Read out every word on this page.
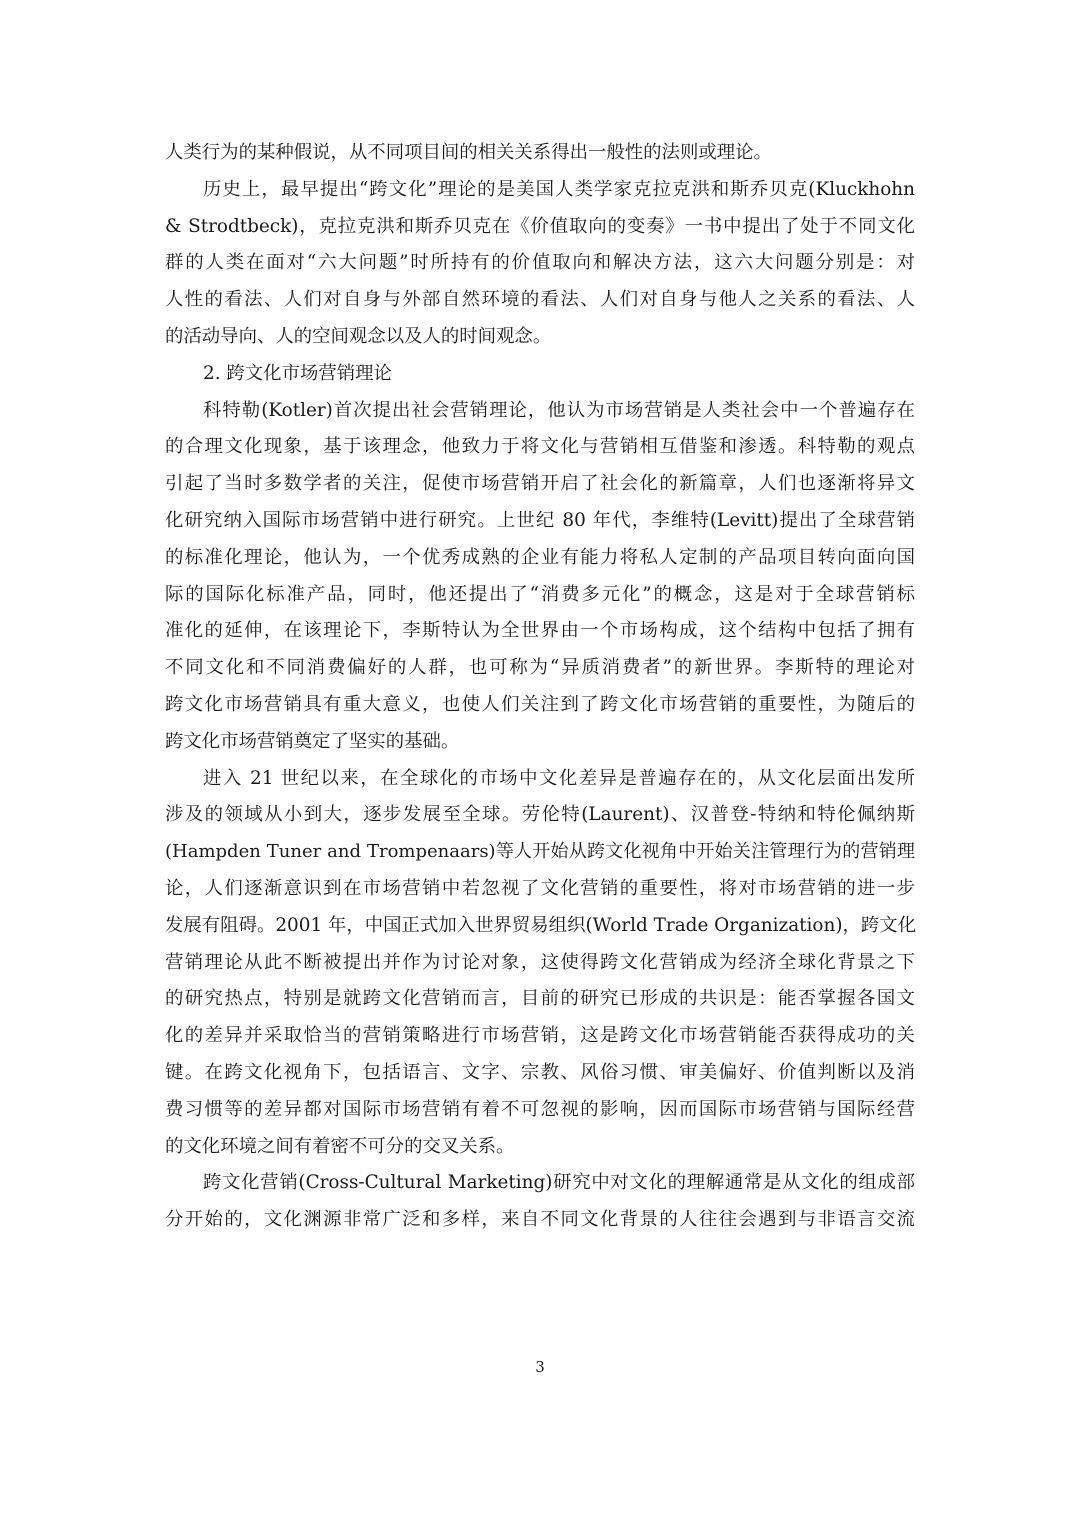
人类行为的某种假说，从不同项目间的相关关系得出一般性的法则或理论。
历史上，最早提出“跨文化”理论的是美国人类学家克拉克洪和斯乔贝克(Kluckhohn
& Strodtbeck)，克拉克洪和斯乔贝克在《价值取向的变奏》一书中提出了处于不同文化
群的人类在面对“六大问题”时所持有的价值取向和解决方法，这六大问题分别是：对
人性的看法、人们对自身与外部自然环境的看法、人们对自身与他人之关系的看法、人
的活动导向、人的空间观念以及人的时间观念。
2. 跨文化市场营销理论
科特勒(Kotler)首次提出社会营销理论，他认为市场营销是人类社会中一个普遍存在
的合理文化现象，基于该理念，他致力于将文化与营销相互借鉴和渗透。科特勒的观点
引起了当时多数学者的关注，促使市场营销开启了社会化的新篇章，人们也逐渐将异文
化研究纳入国际市场营销中进行研究。上世纪 80 年代，李维特(Levitt)提出了全球营销
的标准化理论，他认为，一个优秀成熟的企业有能力将私人定制的产品项目转向面向国
际的国际化标准产品，同时，他还提出了“消费多元化”的概念，这是对于全球营销标
准化的延伸，在该理论下，李斯特认为全世界由一个市场构成，这个结构中包括了拥有
不同文化和不同消费偏好的人群，也可称为“异质消费者”的新世界。李斯特的理论对
跨文化市场营销具有重大意义，也使人们关注到了跨文化市场营销的重要性，为随后的
跨文化市场营销奠定了坚实的基础。
进入 21 世纪以来，在全球化的市场中文化差异是普遍存在的，从文化层面出发所
涉及的领域从小到大，逐步发展至全球。劳伦特(Laurent)、汉普登-特纳和特伦佩纳斯
(Hampden Tuner and Trompenaars)等人开始从跨文化视角中开始关注管理行为的营销理
论，人们逐渐意识到在市场营销中若忽视了文化营销的重要性，将对市场营销的进一步
发展有阻碍。2001 年，中国正式加入世界贸易组织(World Trade Organization)，跨文化
营销理论从此不断被提出并作为讨论对象，这使得跨文化营销成为经济全球化背景之下
的研究热点，特别是就跨文化营销而言，目前的研究已形成的共识是：能否掌握各国文
化的差异并采取恰当的营销策略进行市场营销，这是跨文化市场营销能否获得成功的关
键。在跨文化视角下，包括语言、文字、宗教、风俗习惯、审美偏好、价值判断以及消
费习惯等的差异都对国际市场营销有着不可忽视的影响，因而国际市场营销与国际经营
的文化环境之间有着密不可分的交叉关系。
跨文化营销(Cross-Cultural Marketing)研究中对文化的理解通常是从文化的组成部
分开始的，文化渊源非常广泛和多样，来自不同文化背景的人往往会遇到与非语言交流
3
